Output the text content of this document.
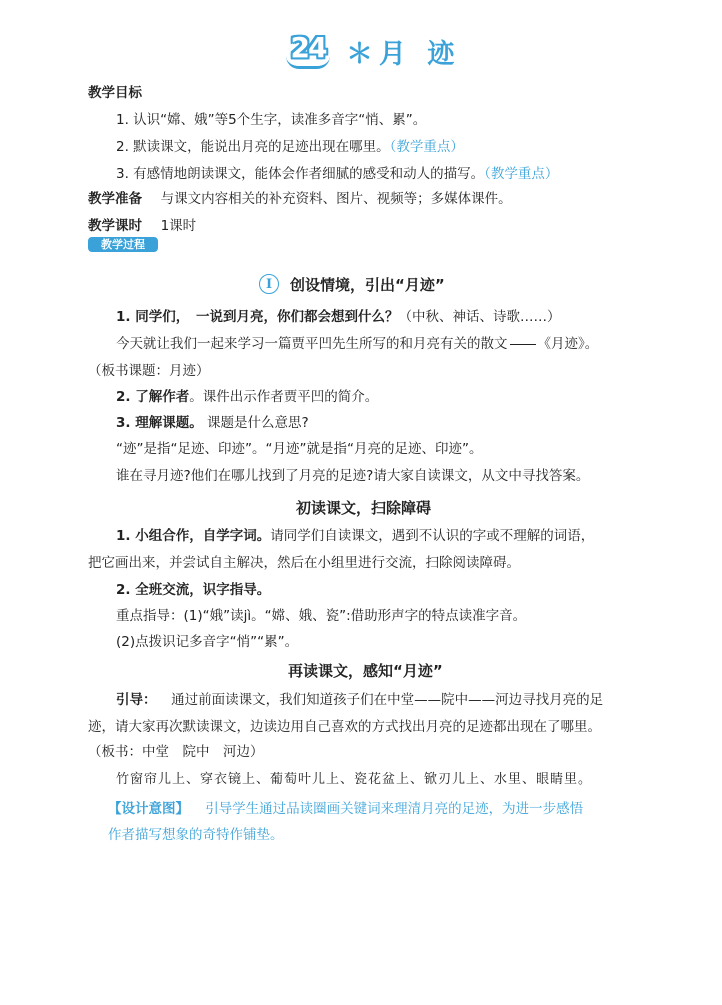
24 ＊月 迹
教学目标
1. 认识“嫦、娥”等5个生字，读准多音字“悄、累”。
2. 默读课文，能说出月亮的足迹出现在哪里。（教学重点）
3. 有感情地朗读课文，能体会作者细腻的感受和动人的描写。（教学重点）
教学准备 与课文内容相关的补充资料、图片、视频等；多媒体课件。
教学课时 1课时
教学过程
I	创设情境，引出“月迹”
1. 同学们，　一说到月亮，你们都会想到什么？（中秋、神话、诗歌……）
今天就让我们一起来学习一篇贾平凹先生所写的和月亮有关的散文 《月迹》。
（板书课题：月迹）
2. 了解作者。课件出示作者贾平凹的简介。
3. 理解课题。 课题是什么意思?
“迹”是指“足迹、印迹”。“月迹”就是指“月亮的足迹、印迹”。
谁在寻月迹?他们在哪儿找到了月亮的足迹?请大家自读课文，从文中寻找答案。
初读课文，扫除障碍
1. 小组合作，自学字词。请同学们自读课文，遇到不认识的字或不理解的词语，
把它画出来，并尝试自主解决，然后在小组里进行交流，扫除阅读障碍。
2. 全班交流，识字指导。
重点指导：(1)“娥”读jì。“嫦、娥、瓷”:借助形声字的特点读准字音。
(2)点拨识记多音字“悄”“累”。
再读课文，感知“月迹”
引导： 通过前面读课文，我们知道孩子们在中堂——院中——河边寻找月亮的足
迹，请大家再次默读课文，边读边用自己喜欢的方式找出月亮的足迹都出现在了哪里。
（板书：中堂　院中　河边）
竹窗帘儿上、穿衣镜上、葡萄叶儿上、瓷花盆上、锨刃儿上、水里、眼睛里。
【设计意图】 引导学生通过品读圈画关键词来理清月亮的足迹，为进一步感悟
作者描写想象的奇特作铺垫。
